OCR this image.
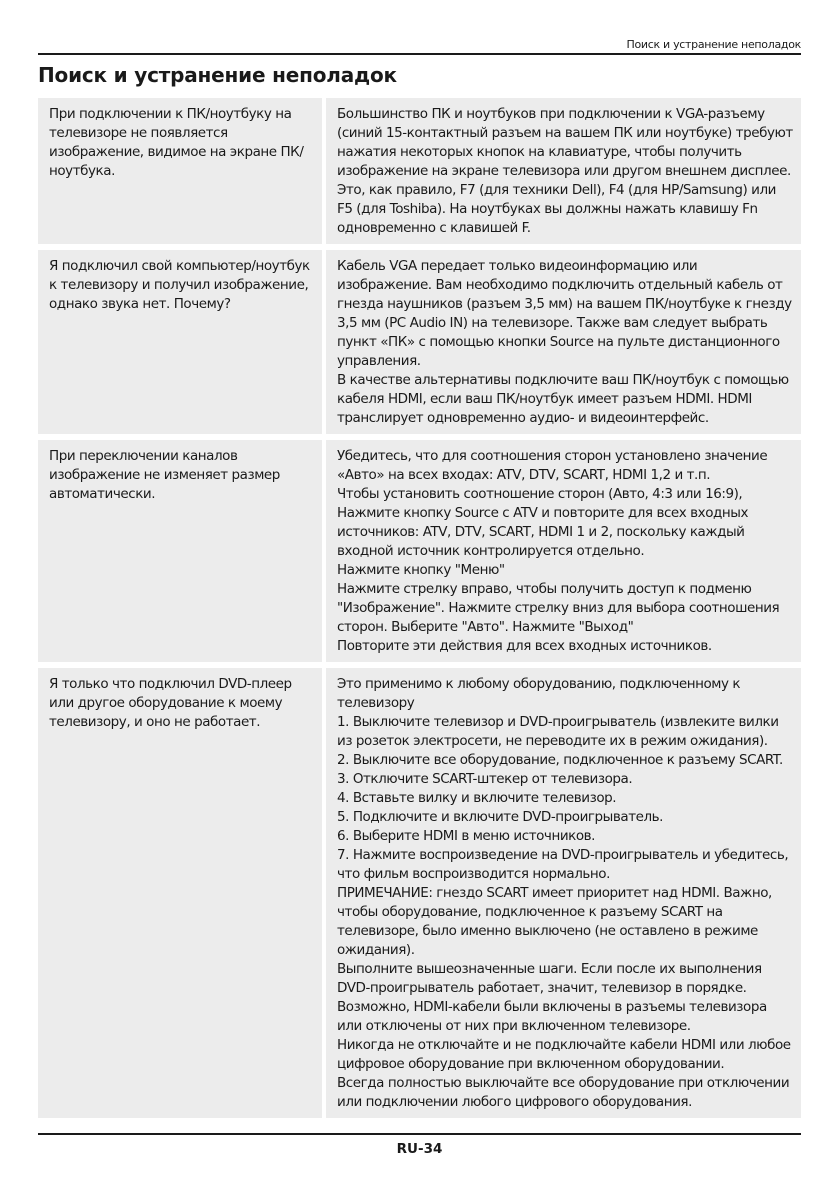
Поиск и устранение неполадок
Поиск и устранение неполадок
При подключении к ПК/ноутбуку на телевизоре не появляется изображение, видимое на экране ПК/ноутбука.
Большинство ПК и ноутбуков при подключении к VGA-разъему (синий 15-контактный разъем на вашем ПК или ноутбуке) требуют нажатия некоторых кнопок на клавиатуре, чтобы получить изображение на экране телевизора или другом внешнем дисплее. Это, как правило, F7 (для техники Dell), F4 (для HP/Samsung) или F5 (для Toshiba). На ноутбуках вы должны нажать клавишу Fn одновременно с клавишей F.
Я подключил свой компьютер/ноутбук к телевизору и получил изображение, однако звука нет. Почему?
Кабель VGA передает только видеоинформацию или изображение. Вам необходимо подключить отдельный кабель от гнезда наушников (разъем 3,5 мм) на вашем ПК/ноутбуке к гнезду 3,5 мм (PC Audio IN) на телевизоре. Также вам следует выбрать пункт «ПК» с помощью кнопки Source на пульте дистанционного управления.
В качестве альтернативы подключите ваш ПК/ноутбук с помощью кабеля HDMI, если ваш ПК/ноутбук имеет разъем HDMI. HDMI транслирует одновременно аудио- и видеоинтерфейс.
При переключении каналов изображение не изменяет размер автоматически.
Убедитесь, что для соотношения сторон установлено значение «Авто» на всех входах: ATV, DTV, SCART, HDMI 1,2 и т.п.
Чтобы установить соотношение сторон (Авто, 4:3 или 16:9),
Нажмите кнопку Source с ATV и повторите для всех входных источников: ATV, DTV, SCART, HDMI 1 и 2, поскольку каждый входной источник контролируется отдельно.
Нажмите кнопку "Меню"
Нажмите стрелку вправо, чтобы получить доступ к подменю "Изображение". Нажмите стрелку вниз для выбора соотношения сторон. Выберите "Авто". Нажмите "Выход"
Повторите эти действия для всех входных источников.
Я только что подключил DVD-плеер или другое оборудование к моему телевизору, и оно не работает.
Это применимо к любому оборудованию, подключенному к телевизору
1. Выключите телевизор и DVD-проигрыватель (извлеките вилки из розеток электросети, не переводите их в режим ожидания).
2. Выключите все оборудование, подключенное к разъему SCART.
3. Отключите SCART-штекер от телевизора.
4. Вставьте вилку и включите телевизор.
5. Подключите и включите DVD-проигрыватель.
6. Выберите HDMI в меню источников.
7. Нажмите воспроизведение на DVD-проигрыватель и убедитесь, что фильм воспроизводится нормально.
ПРИМЕЧАНИЕ: гнездо SCART имеет приоритет над HDMI. Важно, чтобы оборудование, подключенное к разъему SCART на телевизоре, было именно выключено (не оставлено в режиме ожидания).
Выполните вышеозначенные шаги. Если после их выполнения DVD-проигрыватель работает, значит, телевизор в порядке. Возможно, HDMI-кабели были включены в разъемы телевизора или отключены от них при включенном телевизоре.
Никогда не отключайте и не подключайте кабели HDMI или любое цифровое оборудование при включенном оборудовании.
Всегда полностью выключайте все оборудование при отключении или подключении любого цифрового оборудования.
RU-34
